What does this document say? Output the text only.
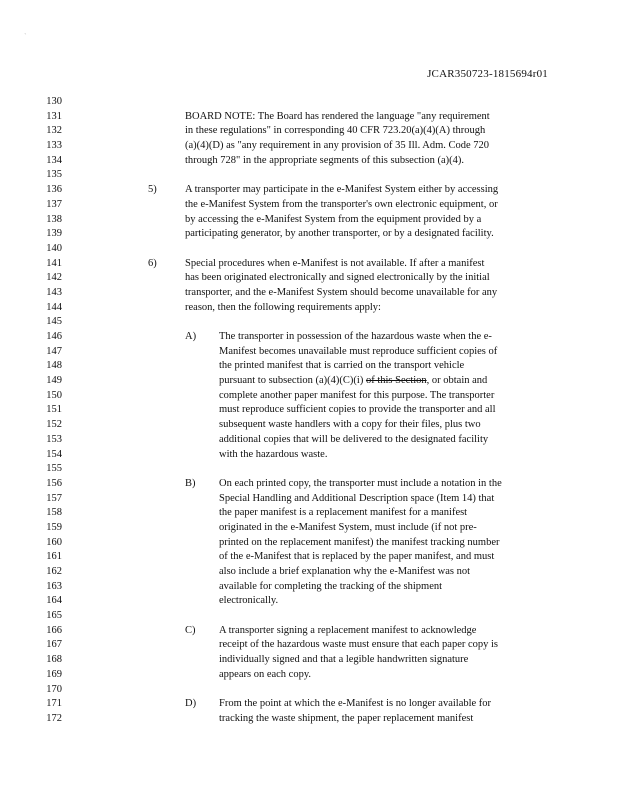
`
JCAR350723-1815694r01
130
131
132
133
134
135
136
137
138
139
140
141
142
143
144
145
146
147
148
149
150
151
152
153
154
155
156
157
158
159
160
161
162
163
164
165
166
167
168
169
170
171
172
BOARD NOTE: The Board has rendered the language "any requirement
in these regulations" in corresponding 40 CFR 723.20(a)(4)(A) through
(a)(4)(D) as "any requirement in any provision of 35 Ill. Adm. Code 720
through 728" in the appropriate segments of this subsection (a)(4).
5)	A transporter may participate in the e-Manifest System either by accessing
the e-Manifest System from the transporter's own electronic equipment, or
by accessing the e-Manifest System from the equipment provided by a
participating generator, by another transporter, or by a designated facility.
6)	Special procedures when e-Manifest is not available. If after a manifest
has been originated electronically and signed electronically by the initial
transporter, and the e-Manifest System should become unavailable for any
reason, then the following requirements apply:
A) The transporter in possession of the hazardous waste when the e-
Manifest becomes unavailable must reproduce sufficient copies of
the printed manifest that is carried on the transport vehicle
pursuant to subsection (a)(4)(C)(i) of this Section, or obtain and
complete another paper manifest for this purpose. The transporter
must reproduce sufficient copies to provide the transporter and all
subsequent waste handlers with a copy for their files, plus two
additional copies that will be delivered to the designated facility
with the hazardous waste.
B) On each printed copy, the transporter must include a notation in the
Special Handling and Additional Description space (Item 14) that
the paper manifest is a replacement manifest for a manifest
originated in the e-Manifest System, must include (if not pre-
printed on the replacement manifest) the manifest tracking number
of the e-Manifest that is replaced by the paper manifest, and must
also include a brief explanation why the e-Manifest was not
available for completing the tracking of the shipment
electronically.
C) A transporter signing a replacement manifest to acknowledge
receipt of the hazardous waste must ensure that each paper copy is
individually signed and that a legible handwritten signature
appears on each copy.
D) From the point at which the e-Manifest is no longer available for
tracking the waste shipment, the paper replacement manifest
